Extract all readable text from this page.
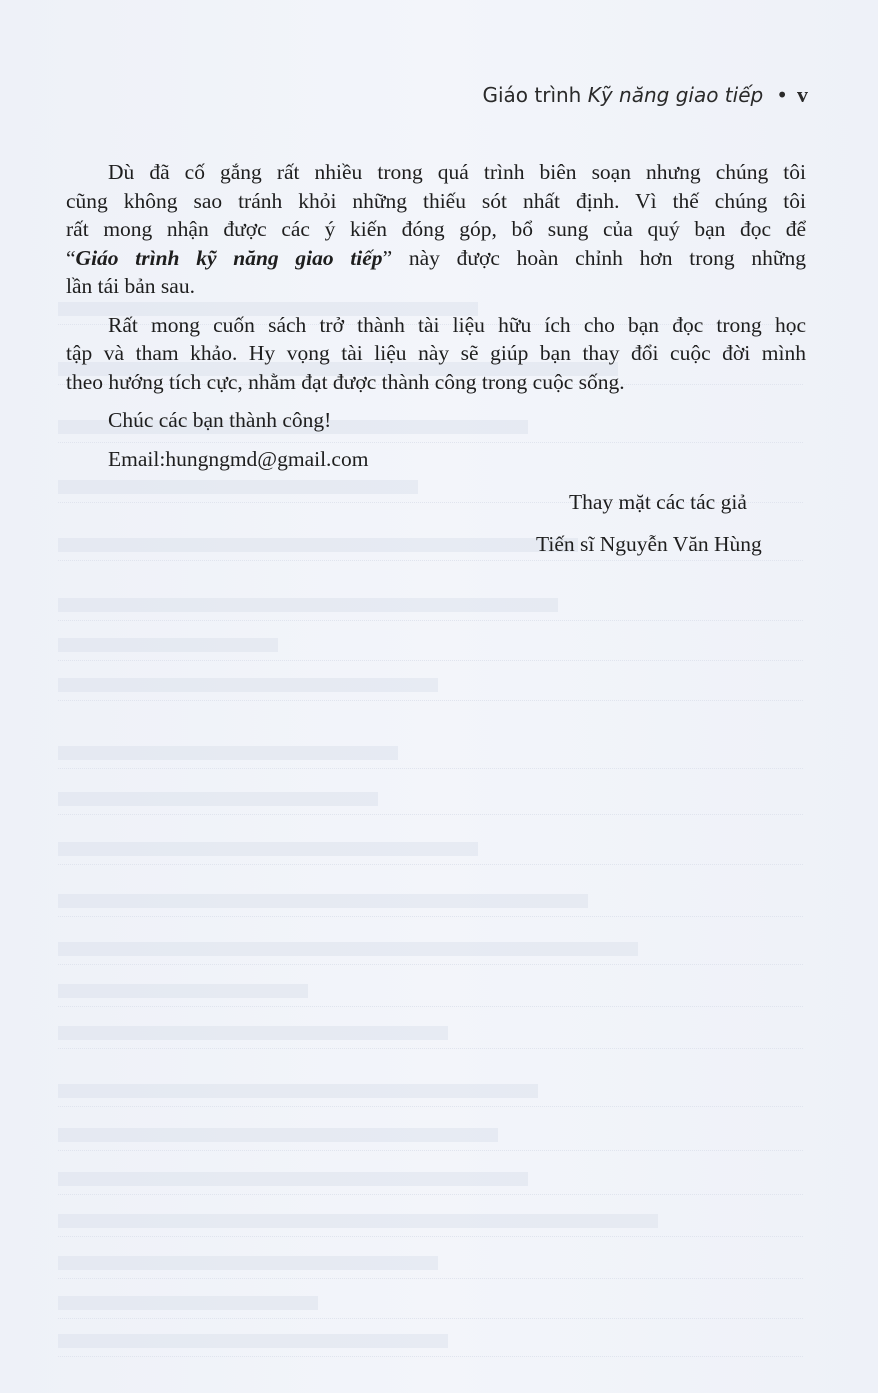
Giáo trình Kỹ năng giao tiếp • v

Dù đã cố gắng rất nhiều trong quá trình biên soạn nhưng chúng tôi
cũng không sao tránh khỏi những thiếu sót nhất định. Vì thế chúng tôi
rất mong nhận được các ý kiến đóng góp, bổ sung của quý bạn đọc để
“Giáo trình kỹ năng giao tiếp” này được hoàn chỉnh hơn trong những
lần tái bản sau.

Rất mong cuốn sách trở thành tài liệu hữu ích cho bạn đọc trong học
tập và tham khảo. Hy vọng tài liệu này sẽ giúp bạn thay đổi cuộc đời mình
theo hướng tích cực, nhằm đạt được thành công trong cuộc sống.

Chúc các bạn thành công!

Email:hungngmd@gmail.com

Thay mặt các tác giả
Tiến sĩ Nguyễn Văn Hùng
